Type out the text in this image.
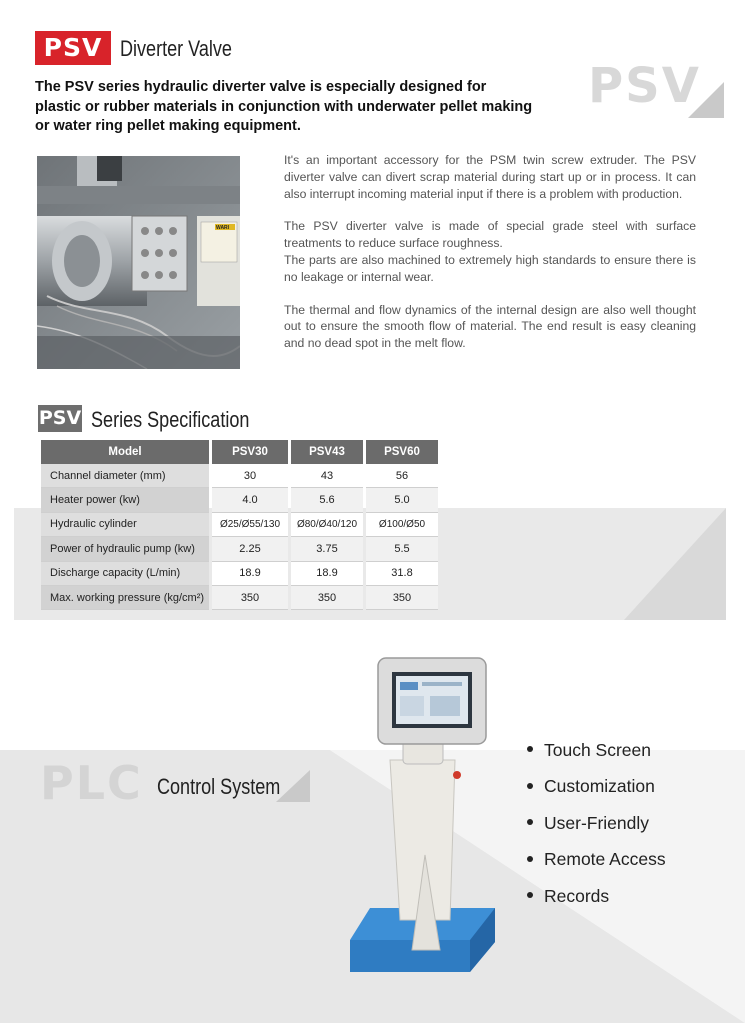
PSV Diverter Valve
PSV
The PSV series hydraulic diverter valve is especially designed for plastic or rubber materials in conjunction with underwater pellet making or water ring pellet making equipment.
WARI

It's an important accessory for the PSM twin screw extruder. The PSV diverter valve can divert scrap material during start up or in process. It can also interrupt incoming material input if there is a problem with production.

The PSV diverter valve is made of special grade steel with surface treatments to reduce surface roughness.

The parts are also machined to extremely high standards to ensure there is no leakage or internal wear.

The thermal and flow dynamics of the internal design are also well thought out to ensure the smooth flow of material. The end result is easy cleaning and no dead spot in the melt flow.

PSV Series Specification
Model	PSV30	PSV43	PSV60
Channel diameter (mm)	30	43	56
Heater power (kw)	4.0	5.6	5.0
Hydraulic cylinder	Ø25/Ø55/130	Ø80/Ø40/120	Ø100/Ø50
Power of hydraulic pump (kw)	2.25	3.75	5.5
Discharge capacity (L/min)	18.9	18.9	31.8
Max. working pressure (kg/cm²)	350	350	350
PLC Control System
Touch Screen
Customization
User-Friendly
Remote Access
Records
